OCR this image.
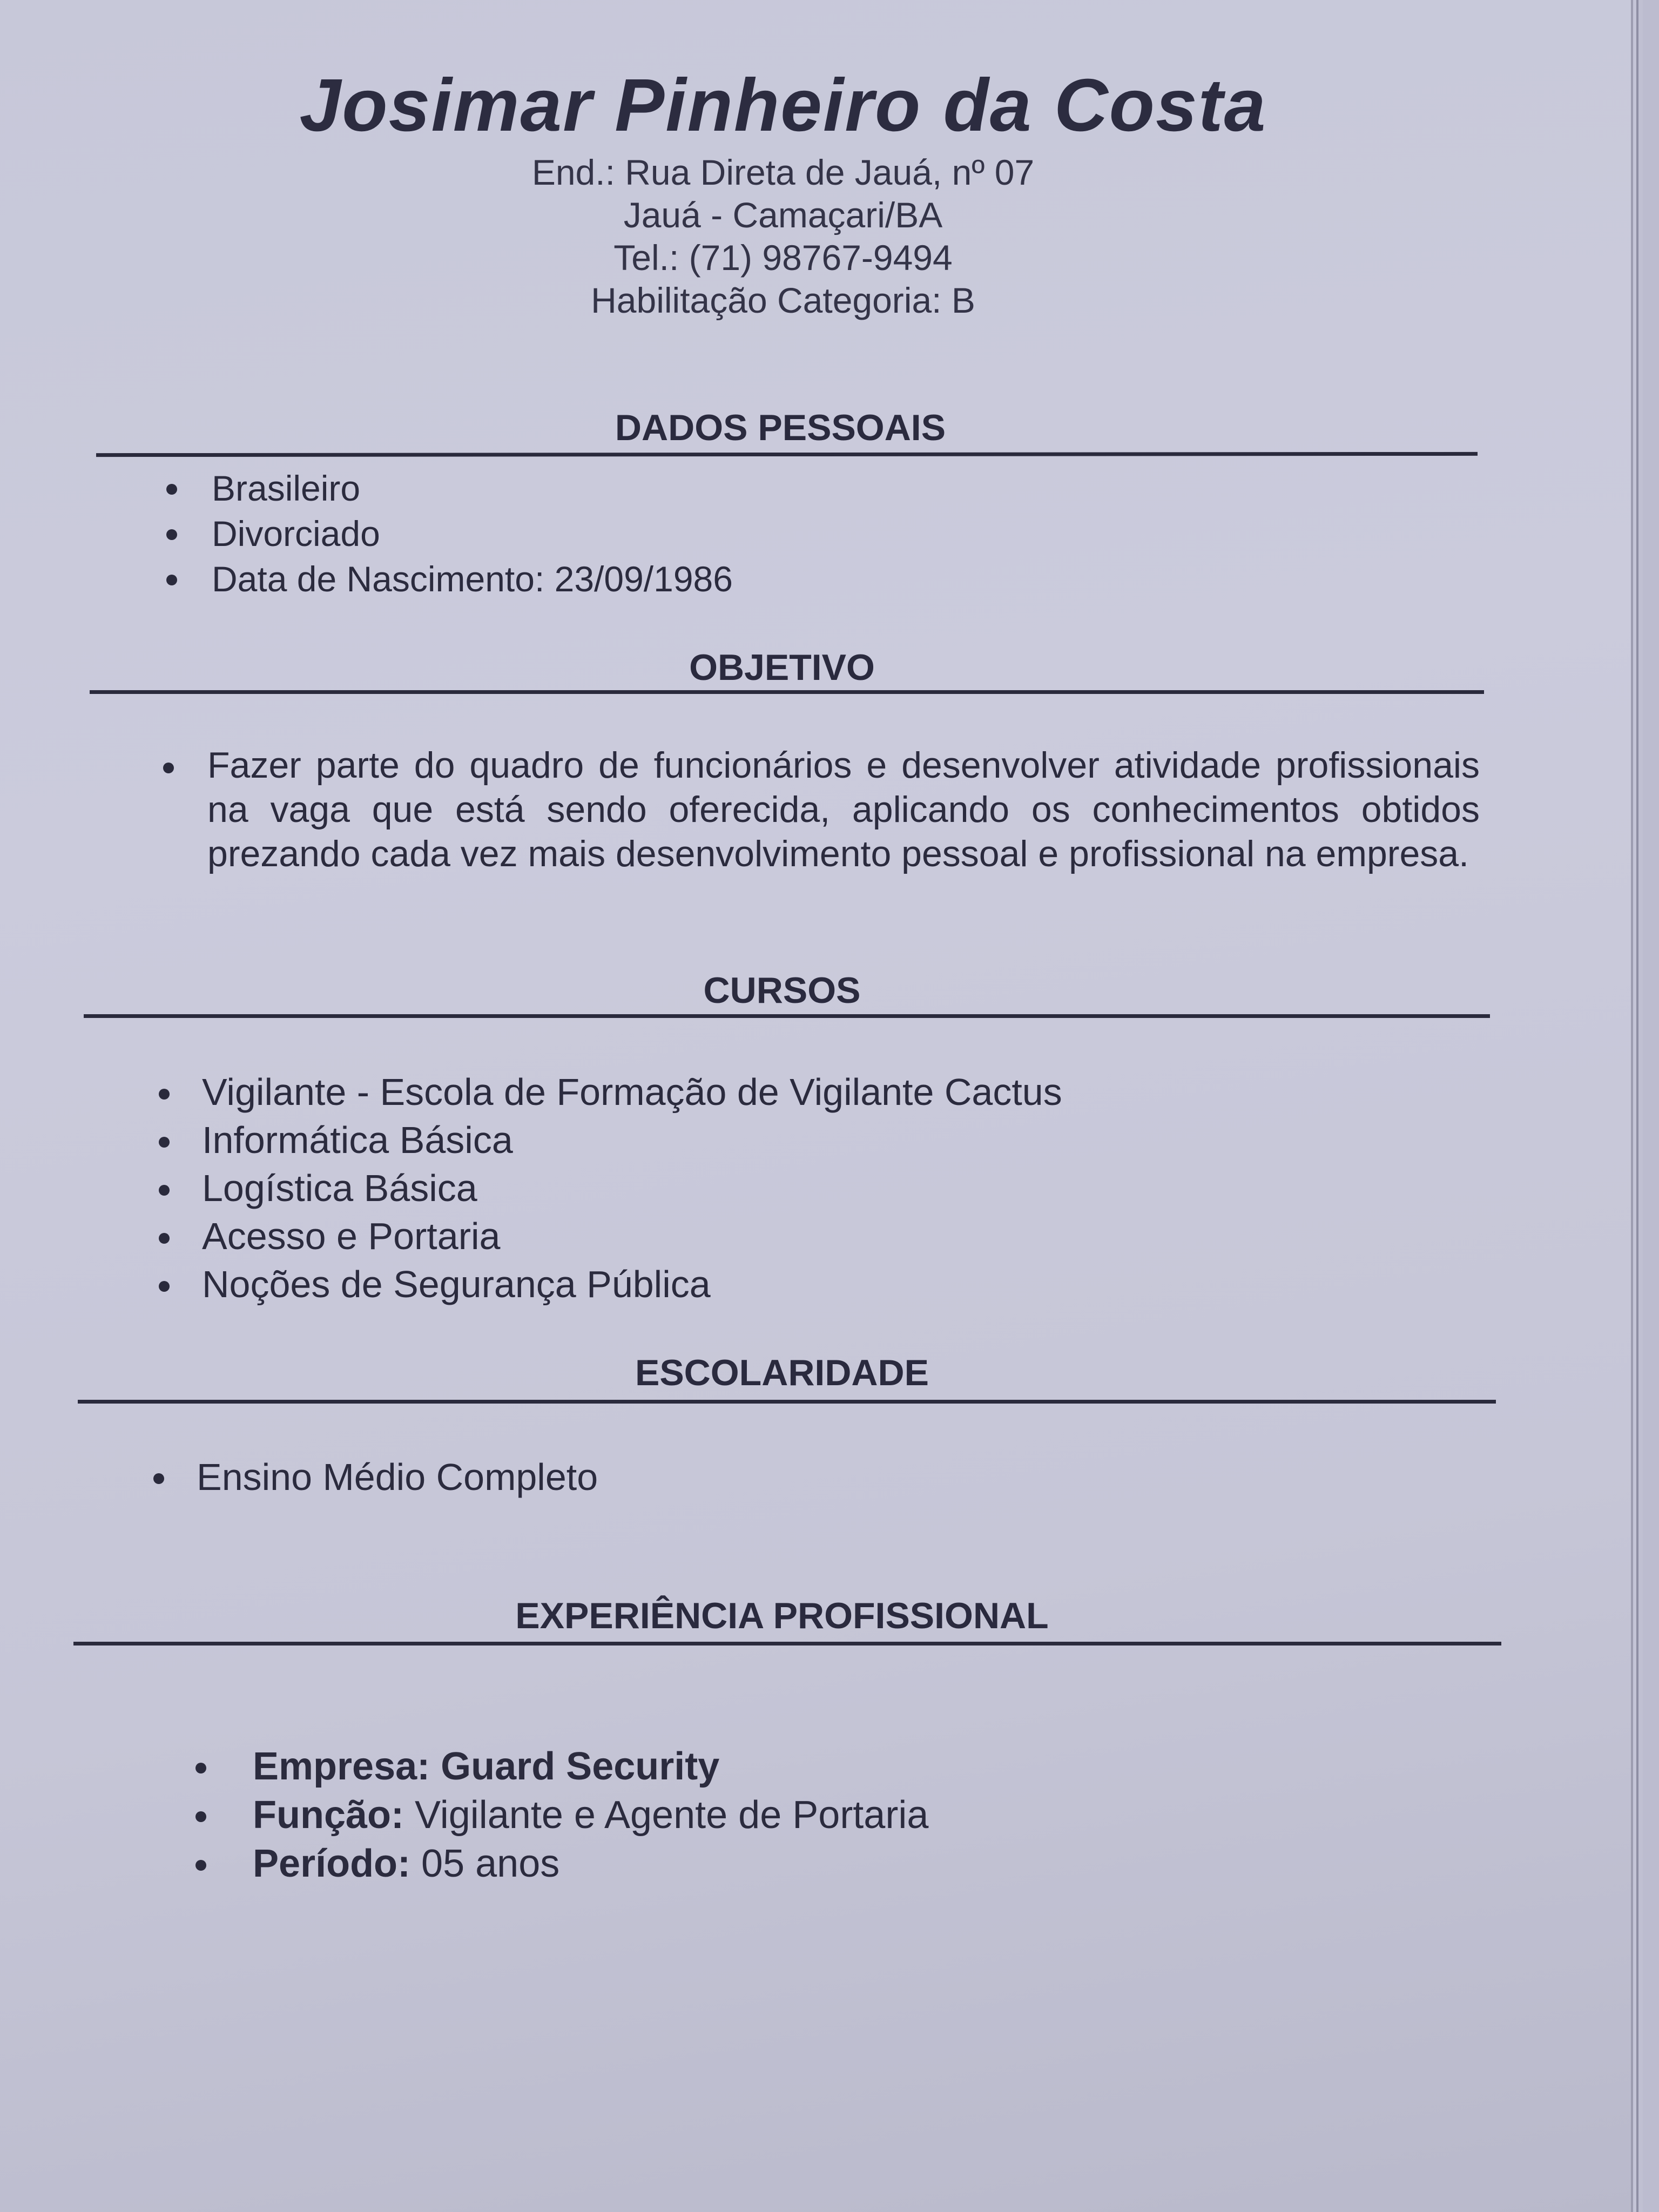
Josimar Pinheiro da Costa

End.: Rua Direta de Jauá, nº 07

Jauá - Camaçari/BA

Tel.: (71) 98767-9494

Habilitação Categoria: B

DADOS PESSOAIS
Brasileiro
Divorciado
Data de Nascimento: 23/09/1986
OBJETIVO
Fazer parte do quadro de funcionários e desenvolver atividade profissionais na vaga que está sendo oferecida, aplicando os conhecimentos obtidos prezando cada vez mais desenvolvimento pessoal e profissional na empresa.
CURSOS
Vigilante - Escola de Formação de Vigilante Cactus
Informática Básica
Logística Básica
Acesso e Portaria
Noções de Segurança Pública
ESCOLARIDADE
Ensino Médio Completo
EXPERIÊNCIA PROFISSIONAL
Empresa: Guard Security
Função: Vigilante e Agente de Portaria
Período: 05 anos
